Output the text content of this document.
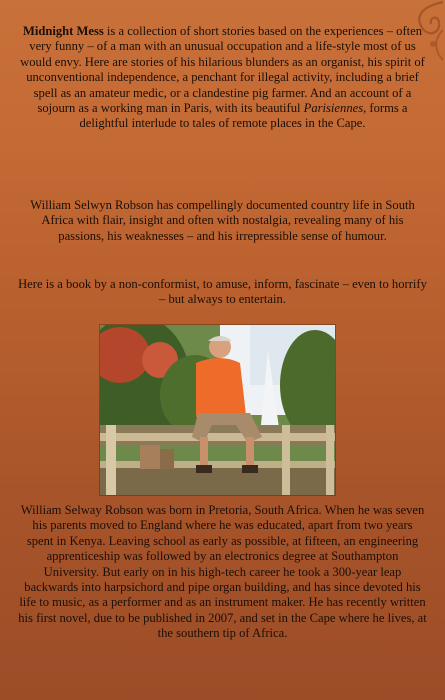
Midnight Mess is a collection of short stories based on the experiences – often very funny – of a man with an unusual occupation and a life-style most of us would envy. Here are stories of his hilarious blunders as an organist, his spirit of unconventional independence, a penchant for illegal activity, including a brief spell as an amateur medic, or a clandestine pig farmer. And an account of a sojourn as a working man in Paris, with its beautiful Parisiennes, forms a delightful interlude to tales of remote places in the Cape.
William Selwyn Robson has compellingly documented country life in South Africa with flair, insight and often with nostalgia, revealing many of his passions, his weaknesses – and his irrepressible sense of humour.
Here is a book by a non-conformist, to amuse, inform, fascinate – even to horrify – but always to entertain.
William Selway Robson was born in Pretoria, South Africa. When he was seven his parents moved to England where he was educated, apart from two years spent in Kenya. Leaving school as early as possible, at fifteen, an engineering apprenticeship was followed by an electronics degree at Southampton University. But early on in his high-tech career he took a 300-year leap backwards into harpsichord and pipe organ building, and has since devoted his life to music, as a performer and as an instrument maker. He has recently written his first novel, due to be published in 2007, and set in the Cape where he lives, at the southern tip of Africa.
